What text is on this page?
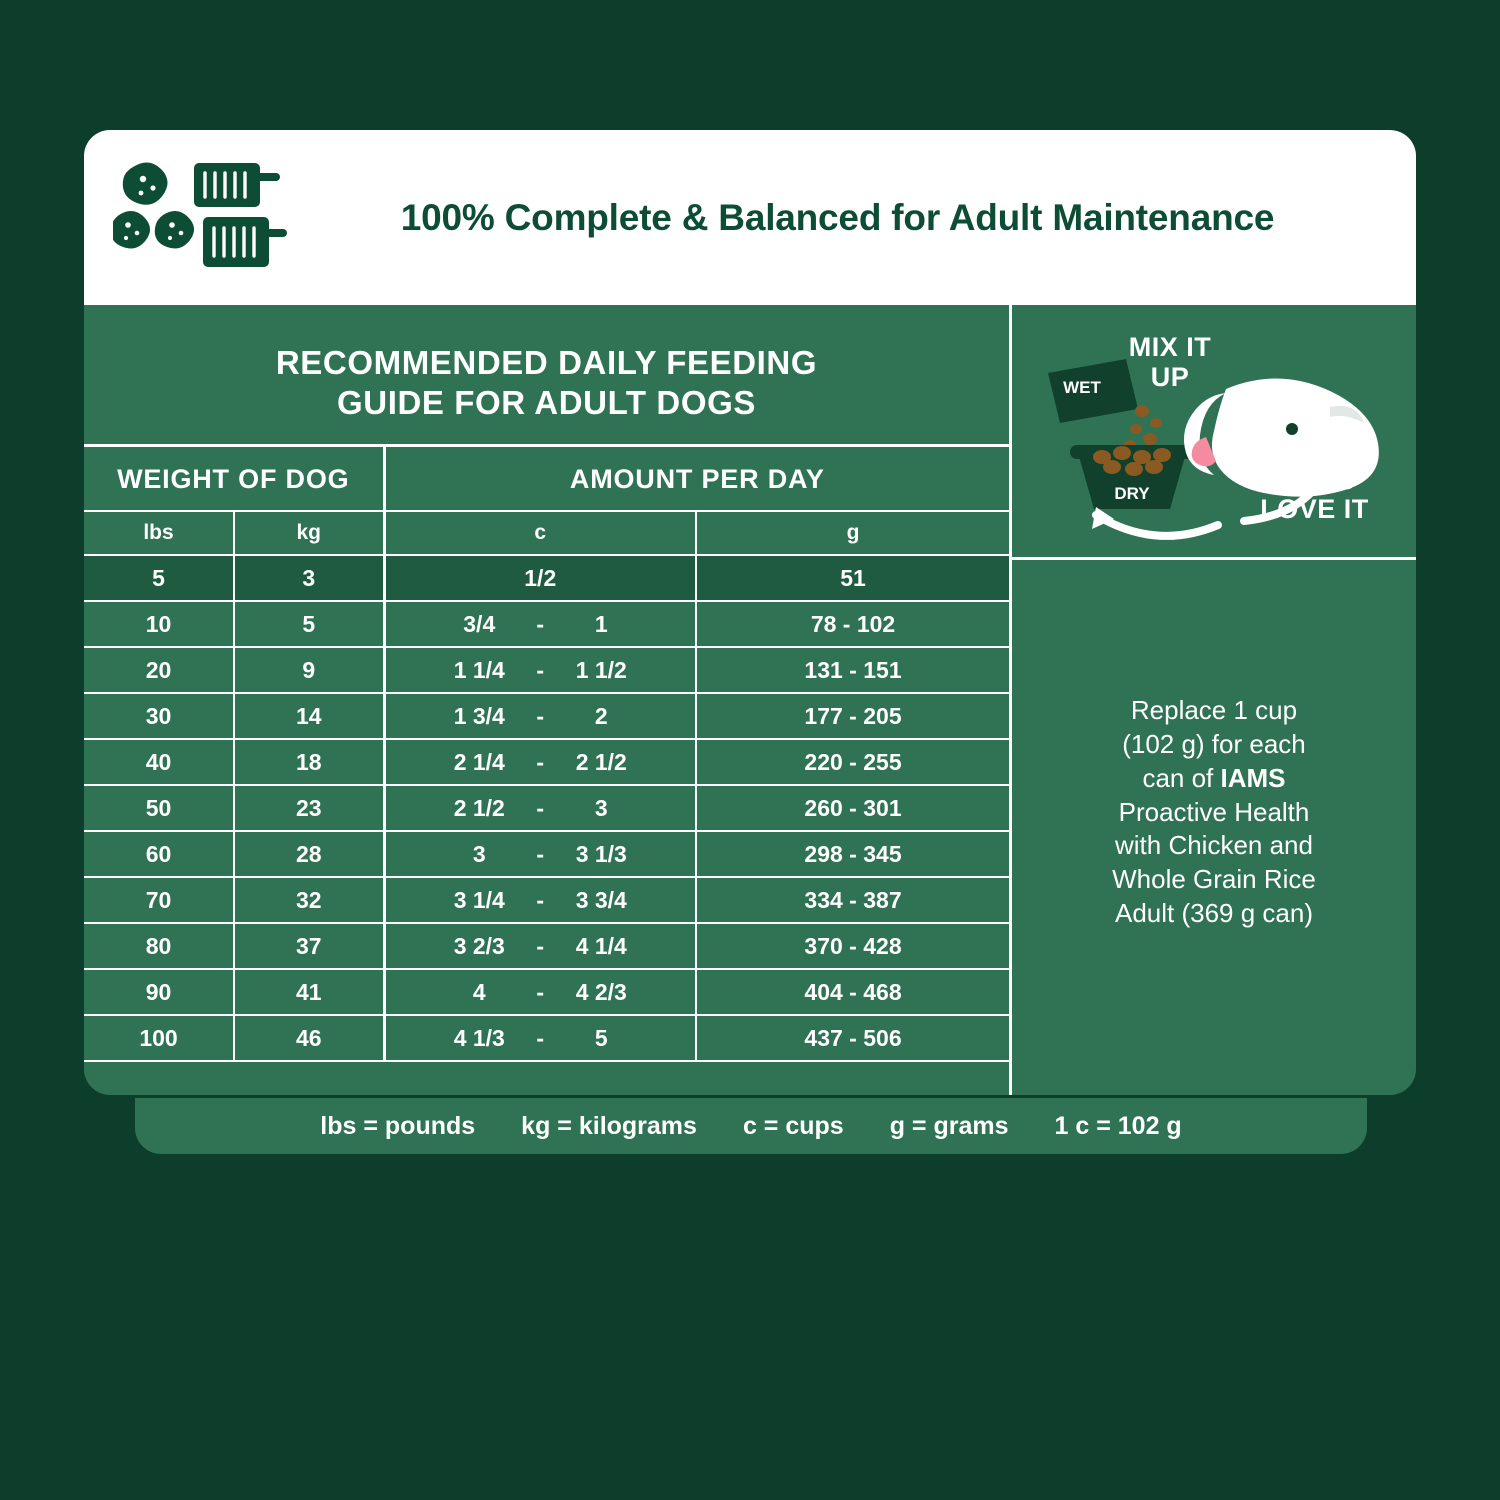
100% Complete & Balanced for Adult Maintenance
RECOMMENDED DAILY FEEDING
GUIDE FOR ADULT DOGS
WEIGHT OF DOG		AMOUNT PER DAY	
lbs	kg	c	g
5	3	1/2	51
10	5	3/4 - 1	78 - 102
20	9	1 1/4 - 1 1/2	131 - 151
30	14	1 3/4 - 2	177 - 205
40	18	2 1/4 - 2 1/2	220 - 255
50	23	2 1/2 - 3	260 - 301
60	28	3 - 3 1/3	298 - 345
70	32	3 1/4 - 3 3/4	334 - 387
80	37	3 2/3 - 4 1/4	370 - 428
90	41	4 - 4 2/3	404 - 468
100	46	4 1/3 - 5	437 - 506
MIX IT
UP
WET
DRY	DOGS
LOVE IT
Replace 1 cup
(102 g) for each
can of IAMS
Proactive Health
with Chicken and
Whole Grain Rice
Adult (369 g can)
lbs = pounds kg = kilograms c = cups g = grams 1 c = 102 g
